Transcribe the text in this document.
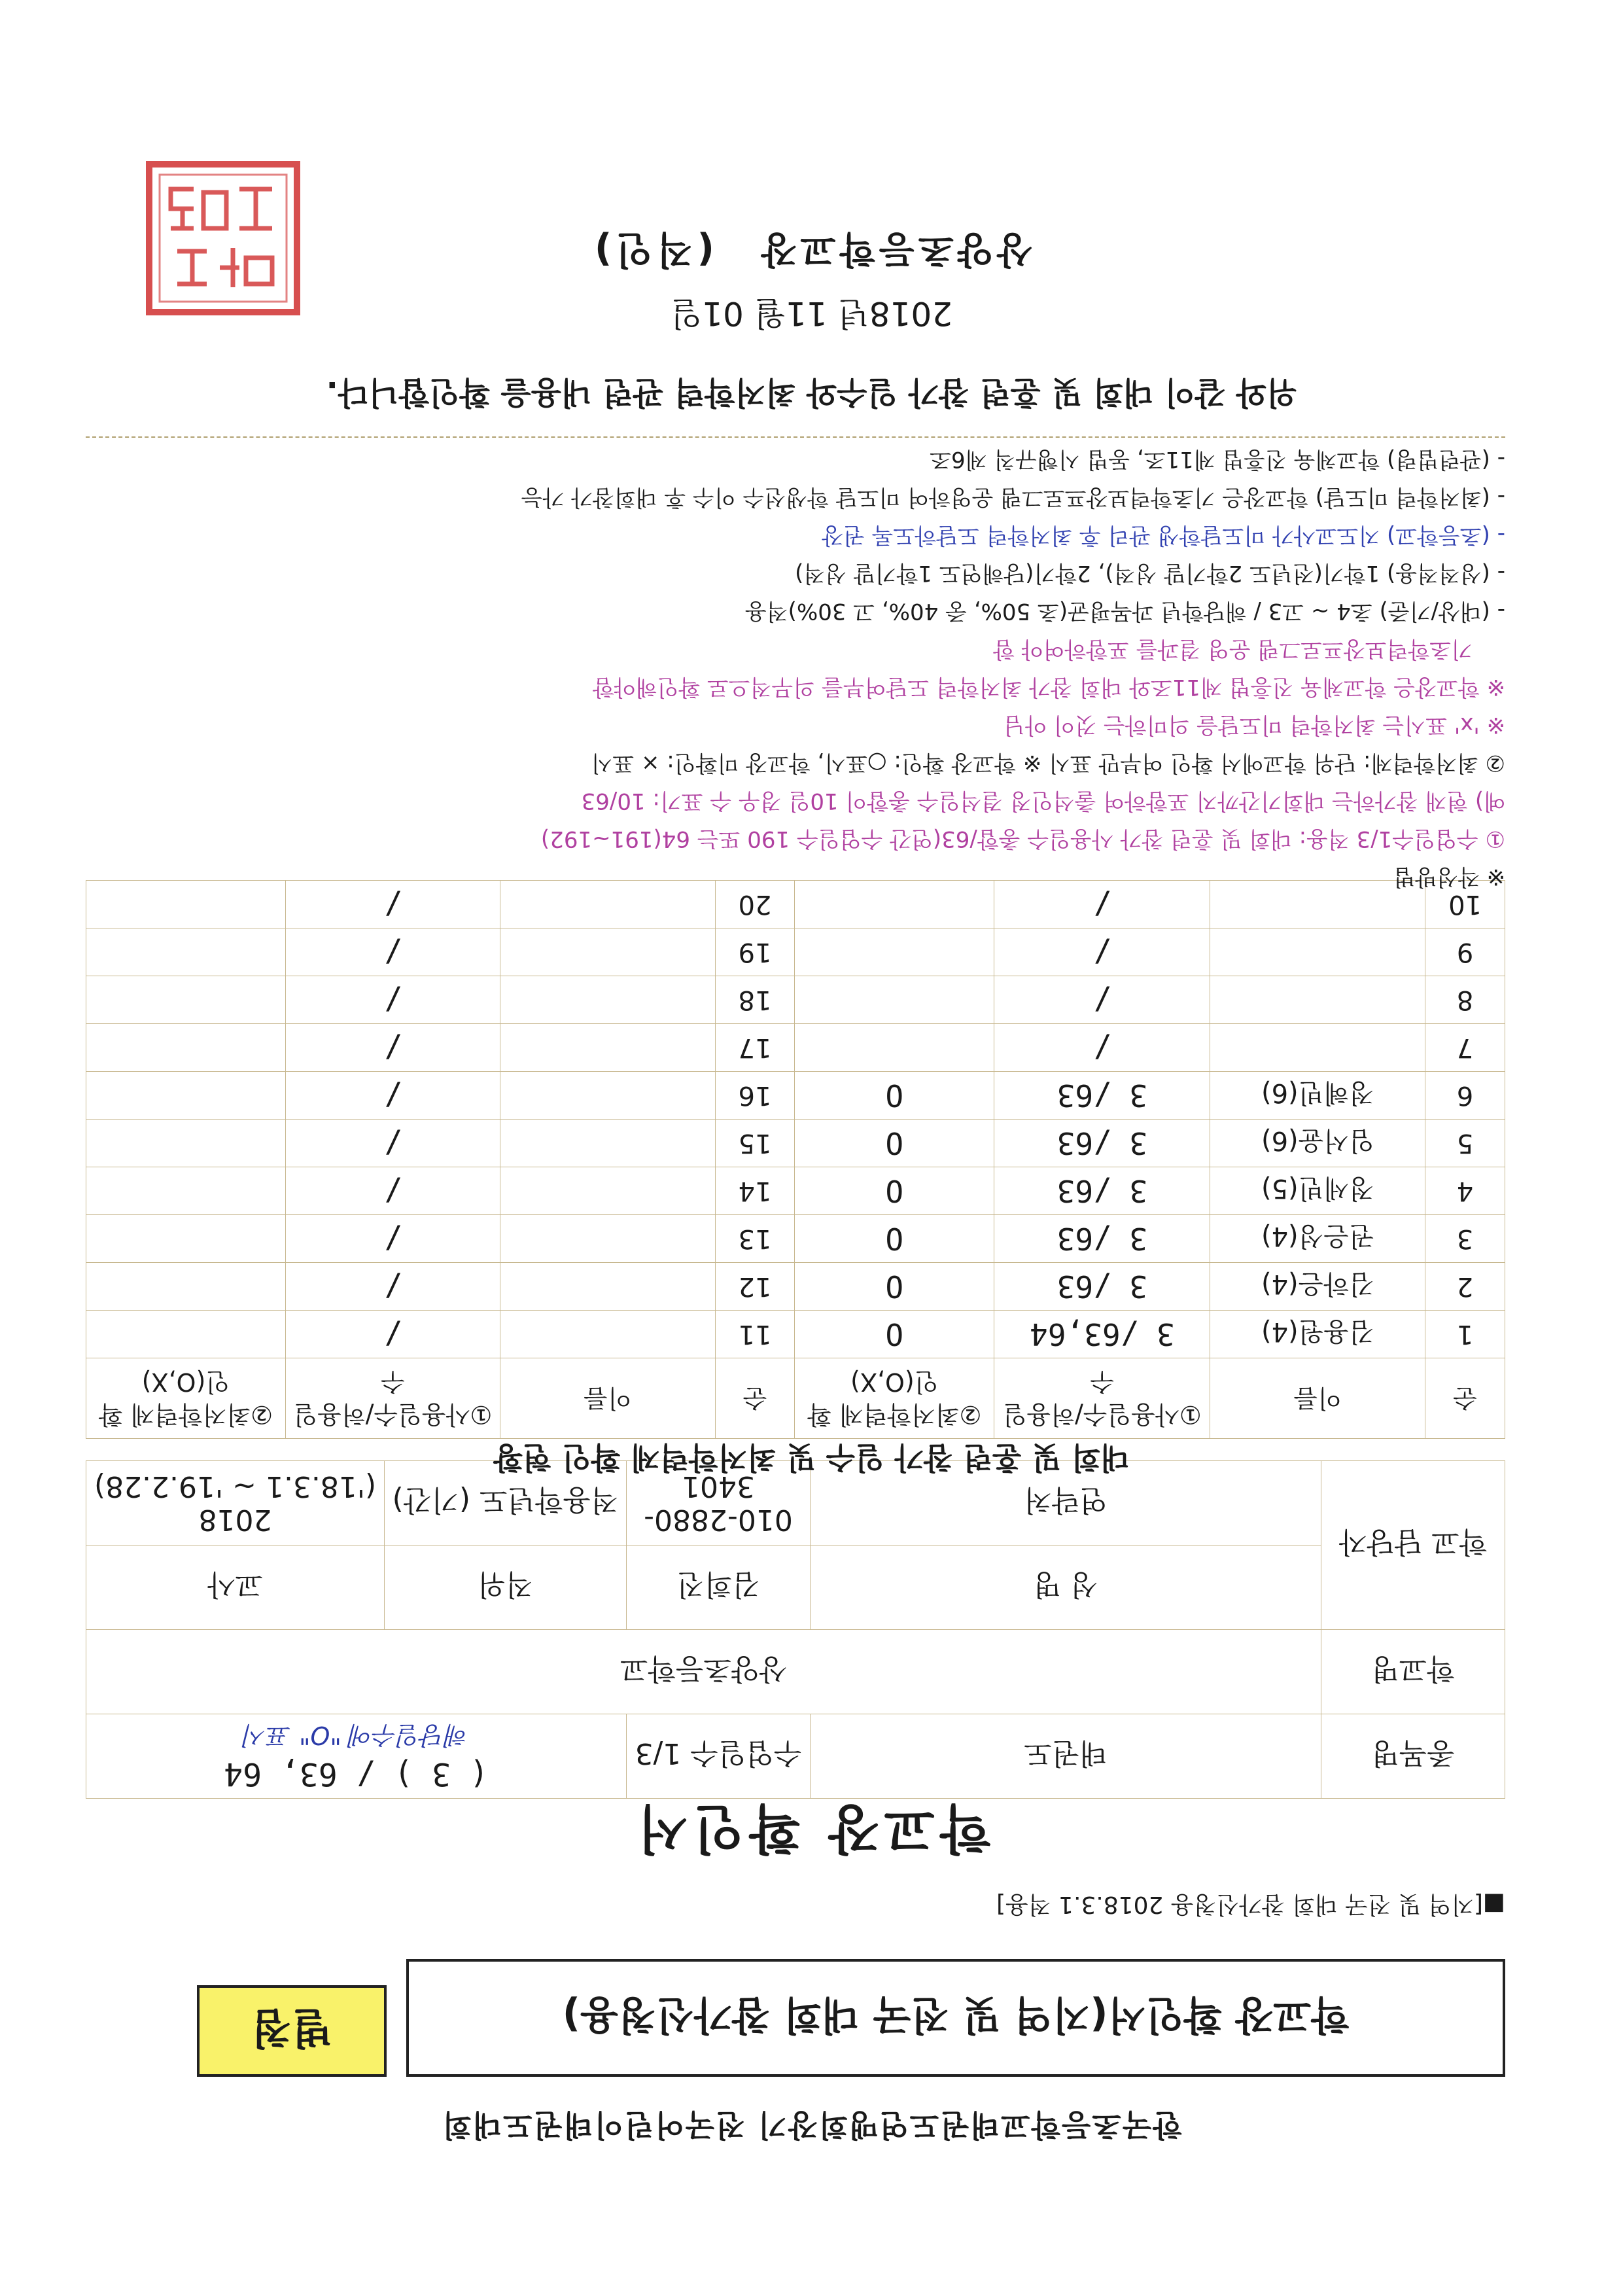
한국초등학교태권도연맹회장기 전국어린이태권도대회
별첨	학교장 확인서(지역 및 전국 대회 참가신청용)
■[지역 및 전국 대회 참가신청용 2018.3.1 적용]
학교장 확인서
종목명	태권도	수업일수 1/3	( 3 ) / 63, 64
해당일수에 "O" 표시	

학교명	상양초등학교			
학교 담당자	성 명	김희진	직위	교사
	연락처	010-2880-3401	적용학년도 (기간)	2018
('18.3.1 ~ '19.2.28)
대회 및 훈련 참가 일수 및 최저학력제 확인 현황
순	이름	①사용일수/허용일수	②최저학력제 확인(O,X)	순	이름	①사용일수/허용일수	②최저학력제 확인(O,X)
1	김용원(4)	3 /63,64	O	11		/	
2	김하은(4)	3 /63	O	12		/	
3	권은성(4)	3 /63	O	13		/	
4	정세빈(5)	3 /63	O	14		/	
5	임서윤(6)	3 /63	O	15		/	
6	정혜빈(6)	3 /63	O	16		/	
7		/		17		/	
8		/		18		/	
9		/		19		/	
10		/		20		/	
※ 작성방법
① 수업일수1/3 적용: 대회 및 훈련 참가 사용일수 총합/63(연간 수업일수 190 또는 64(191~192)
예) 현재 참가하는 대회기간까지 포함하여 출석인정 결석일수 총합이 10일 경우 수 표기: 10/63
② 최저학력제: 단위 학교에서 확인 여부만 표시 ※ 학교장 확인: ○표시, 학교장 미확인: × 표시
※ 'x' 표시는 최저학력 미도달을 의미하는 것이 아님
※ 학교장은 학교체육 진흥법 제11조와 대회 참가 최저학력 도달여부를 의무적으로 확인해야함
기초학력보장프로그램 운영 결과를 포함하여야 함
- (대상/기준) 초4 ~ 고3 / 해당학년 과목평균(초 50%, 중 40%, 고 30%)적용
- (성적적용) 1학기(전년도 2학기말 성적), 2학기(당해연도 1학기말 성적)
- (초등학교) 지도교사가 미도달학생 관리 후 최저학력 도달하도록 권장
- (최저학력 미도달) 학교장은 기초학력보장프로그램 운영하여 미도달 학생선수 이수 후 대회참가 가능
- (관련법령) 학교체육 진흥법 제11조, 동법 시행규칙 제6조
위와 같이 대회 및 훈련 참가 일수와 최저학력 관련 내용을 확인합니다.
2018년 11월 01일
상양초등학교장 (직인)
